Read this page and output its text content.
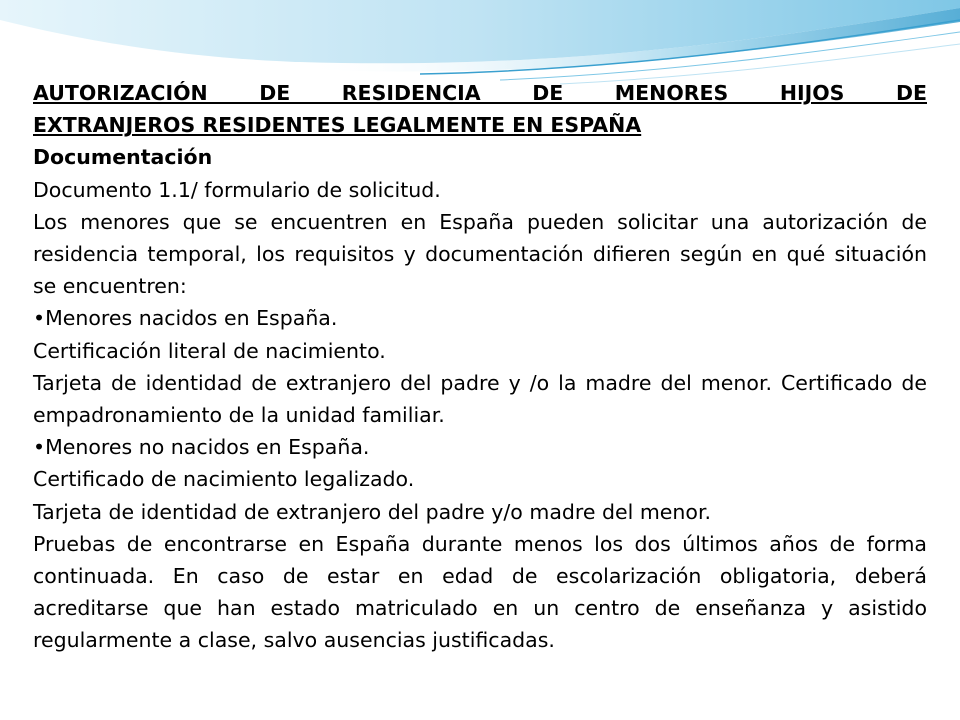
AUTORIZACIÓN DE RESIDENCIA DE MENORES HIJOS DE
EXTRANJEROS RESIDENTES LEGALMENTE EN ESPAÑA

Documentación

Documento 1.1/ formulario de solicitud.

Los menores que se encuentren en España pueden solicitar una autorización de residencia temporal, los requisitos y documentación difieren según en qué situación se encuentren:

•Menores nacidos en España.

Certificación literal de nacimiento.

Tarjeta de identidad de extranjero del padre y /o la madre del menor. Certificado de empadronamiento de la unidad familiar.

•Menores no nacidos en España.

Certificado de nacimiento legalizado.

Tarjeta de identidad de extranjero del padre y/o madre del menor.

Pruebas de encontrarse en España durante menos los dos últimos años de forma continuada. En caso de estar en edad de escolarización obligatoria, deberá acreditarse que han estado matriculado en un centro de enseñanza y asistido regularmente a clase, salvo ausencias justificadas.
